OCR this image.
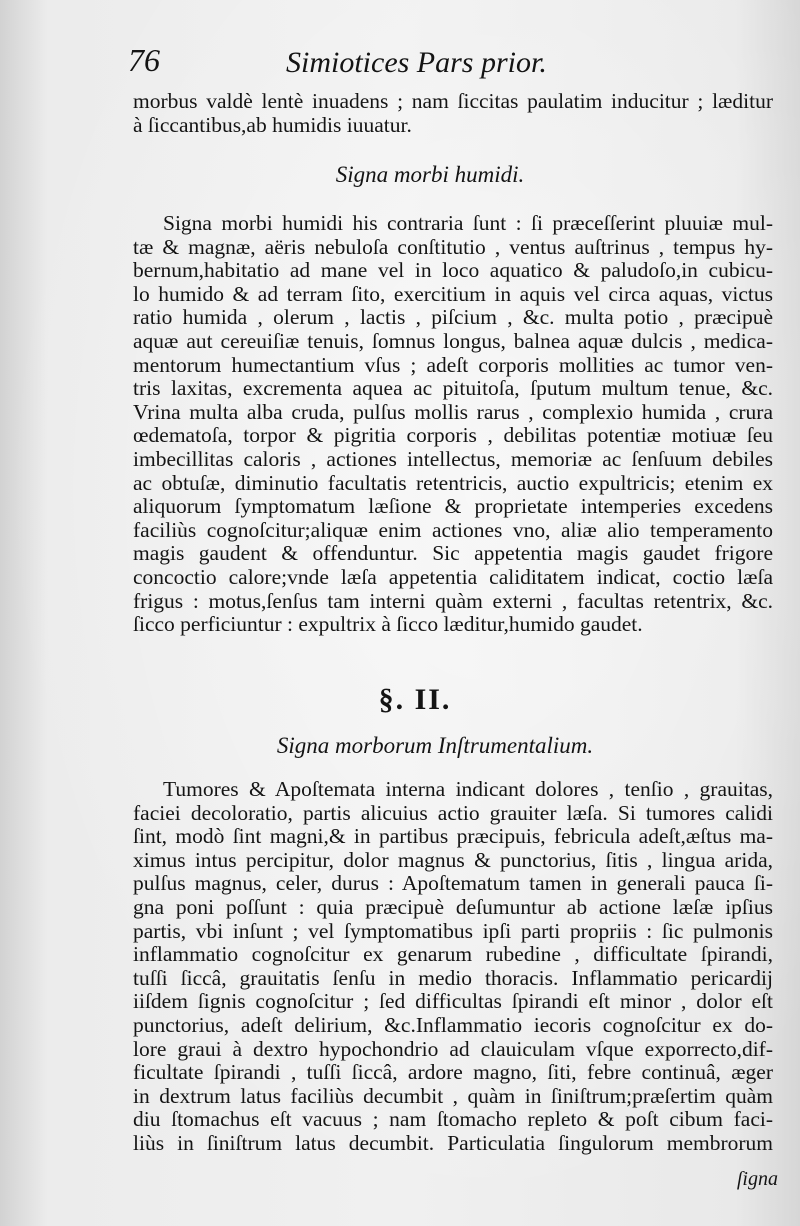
76	Simiotices Pars prior.
morbus valdè lentè inuadens ; nam ſiccitas paulatim inducitur ; læditur
à ſiccantibus,ab humidis iuuatur.
Signa morbi humidi.
Signa morbi humidi his contraria ſunt : ſi præceſſerint pluuiæ mul-
tæ & magnæ, aëris nebuloſa conſtitutio , ventus auſtrinus , tempus hy-
bernum,habitatio ad mane vel in loco aquatico & paludoſo,in cubicu-
lo humido & ad terram ſito, exercitium in aquis vel circa aquas, victus
ratio humida , olerum , lactis , piſcium , &c. multa potio , præcipuè
aquæ aut cereuiſiæ tenuis, ſomnus longus, balnea aquæ dulcis , medica-
mentorum humectantium vſus ; adeſt corporis mollities ac tumor ven-
tris laxitas, excrementa aquea ac pituitoſa, ſputum multum tenue, &c.
Vrina multa alba cruda, pulſus mollis rarus , complexio humida , crura
œdematoſa, torpor & pigritia corporis , debilitas potentiæ motiuæ ſeu
imbecillitas caloris , actiones intellectus, memoriæ ac ſenſuum debiles
ac obtuſæ, diminutio facultatis retentricis, auctio expultricis; etenim ex
aliquorum ſymptomatum læſione & proprietate intemperies excedens
faciliùs cognoſcitur;aliquæ enim actiones vno, aliæ alio temperamento
magis gaudent & offenduntur. Sic appetentia magis gaudet frigore
concoctio calore;vnde læſa appetentia caliditatem indicat, coctio læſa
frigus : motus,ſenſus tam interni quàm externi , facultas retentrix, &c.
ſicco perficiuntur : expultrix à ſicco læditur,humido gaudet.
§. II.
Signa morborum Inſtrumentalium.
Tumores & Apoſtemata interna indicant dolores , tenſio , grauitas,
faciei decoloratio, partis alicuius actio grauiter læſa. Si tumores calidi
ſint, modò ſint magni,& in partibus præcipuis, febricula adeſt,æſtus ma-
ximus intus percipitur, dolor magnus & punctorius, ſitis , lingua arida,
pulſus magnus, celer, durus : Apoſtematum tamen in generali pauca ſi-
gna poni poſſunt : quia præcipuè deſumuntur ab actione læſæ ipſius
partis, vbi inſunt ; vel ſymptomatibus ipſi parti propriis : ſic pulmonis
inflammatio cognoſcitur ex genarum rubedine , difficultate ſpirandi,
tuſſi ſiccâ, grauitatis ſenſu in medio thoracis. Inflammatio pericardij
iiſdem ſignis cognoſcitur ; ſed difficultas ſpirandi eſt minor , dolor eſt
punctorius, adeſt delirium, &c.Inflammatio iecoris cognoſcitur ex do-
lore graui à dextro hypochondrio ad clauiculam vſque exporrecto,dif-
ficultate ſpirandi , tuſſi ſiccâ, ardore magno, ſiti, febre continuâ, æger
in dextrum latus faciliùs decumbit , quàm in ſiniſtrum;præſertim quàm
diu ſtomachus eſt vacuus ; nam ſtomacho repleto & poſt cibum faci-
liùs in ſiniſtrum latus decumbit. Particulatia ſingulorum membrorum
ſigna
